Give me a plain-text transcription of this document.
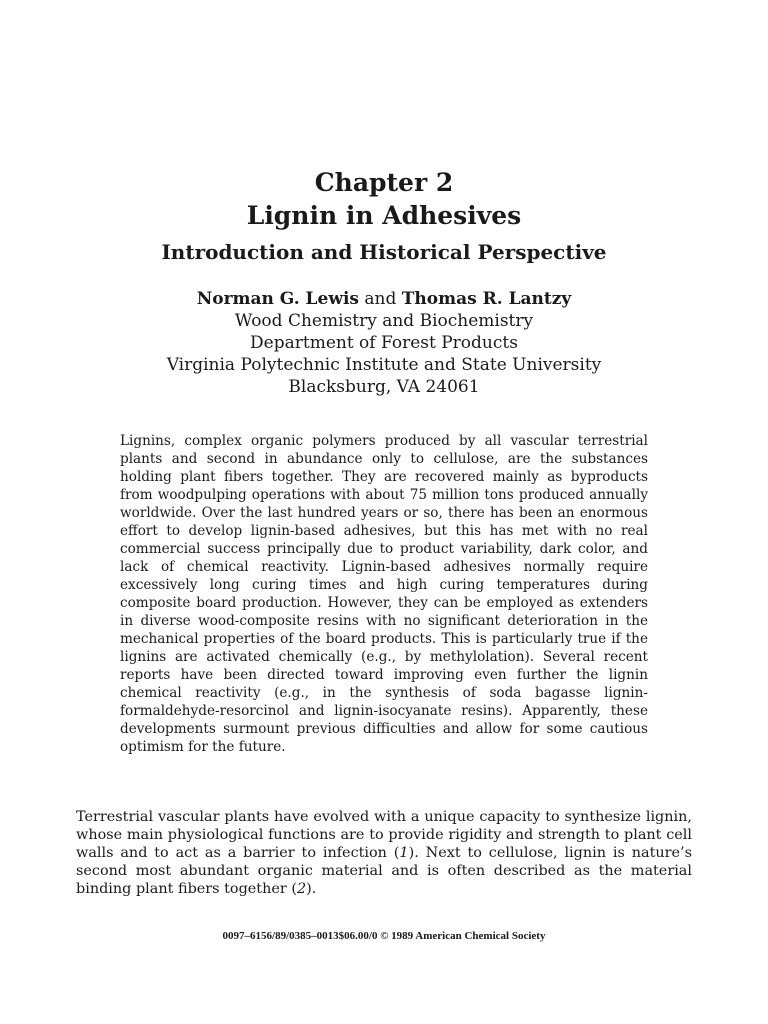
Chapter 2

Lignin in Adhesives

Introduction and Historical Perspective

Norman G. Lewis and Thomas R. Lantzy

Wood Chemistry and Biochemistry

Department of Forest Products

Virginia Polytechnic Institute and State University

Blacksburg, VA 24061

Lignins, complex organic polymers produced by all vascular terrestrial plants and second in abundance only to cellulose, are the substances holding plant fibers together. They are recovered mainly as byproducts from woodpulping operations with about 75 million tons produced annually worldwide. Over the last hundred years or so, there has been an enormous effort to develop lignin-based adhesives, but this has met with no real commercial success principally due to product variability, dark color, and lack of chemical reactivity. Lignin-based adhesives normally require excessively long curing times and high curing temperatures during composite board production. However, they can be employed as extenders in diverse wood-composite resins with no significant deterioration in the mechanical properties of the board products. This is particularly true if the lignins are activated chemically (e.g., by methylolation). Several recent reports have been directed toward improving even further the lignin chemical reactivity (e.g., in the synthesis of soda bagasse lignin-formaldehyde-resorcinol and lignin-isocyanate resins). Apparently, these developments surmount previous difficulties and allow for some cautious optimism for the future.

Terrestrial vascular plants have evolved with a unique capacity to synthesize lignin, whose main physiological functions are to provide rigidity and strength to plant cell walls and to act as a barrier to infection (1). Next to cellulose, lignin is nature’s second most abundant organic material and is often described as the material binding plant fibers together (2).

0097–6156/89/0385–0013$06.00/0 © 1989 American Chemical Society
